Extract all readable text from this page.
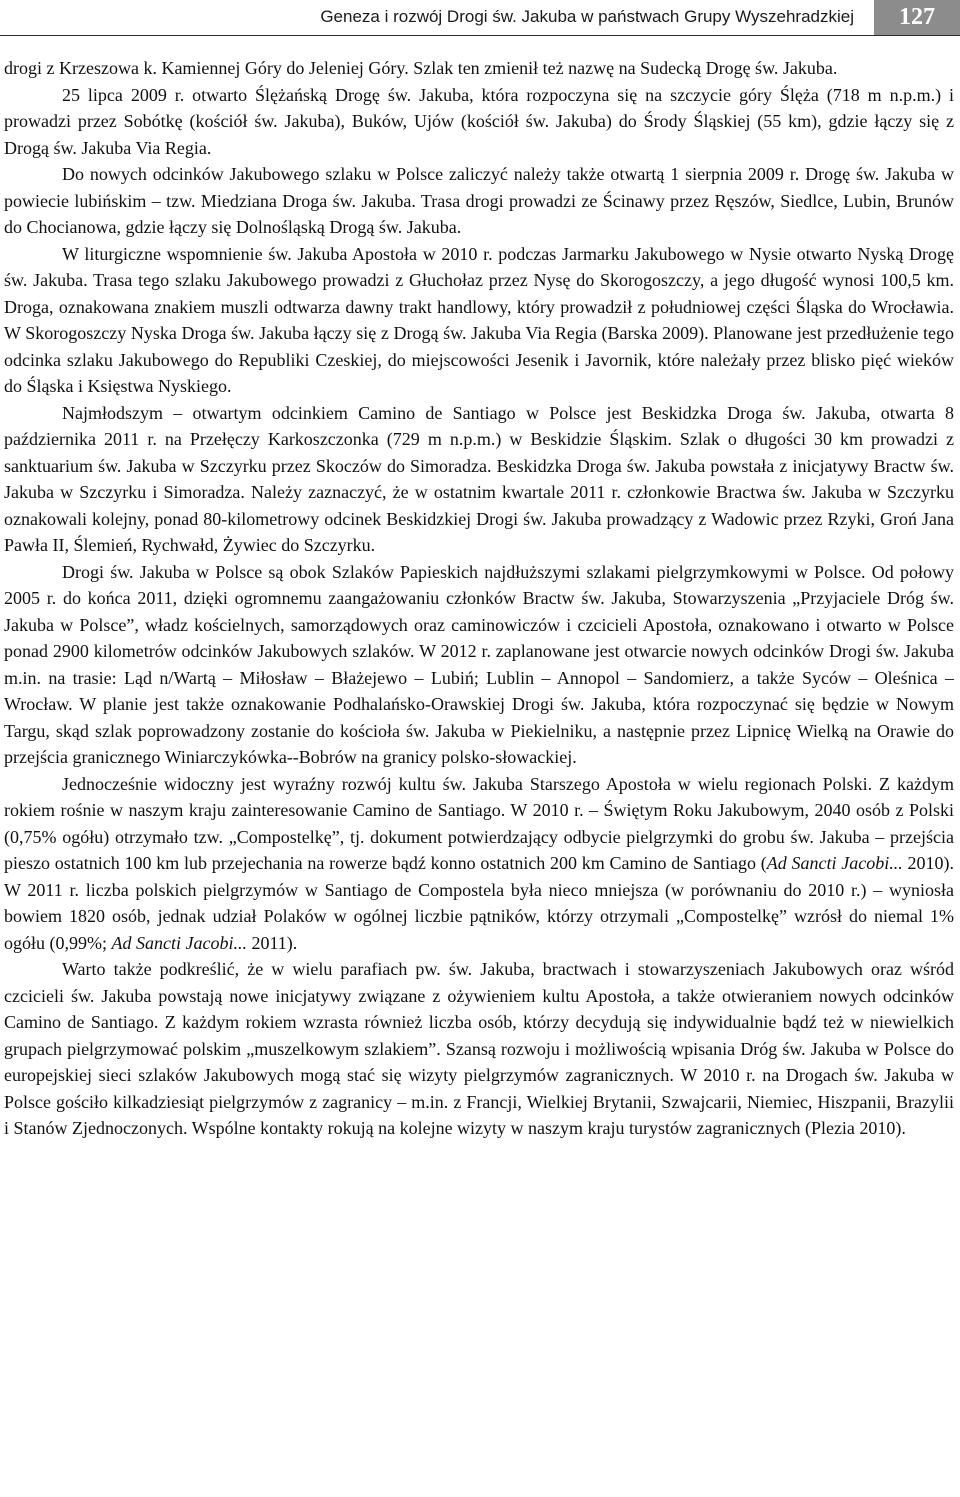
Geneza i rozwój Drogi św. Jakuba w państwach Grupy Wyszehradzkiej	127

drogi z Krzeszowa k. Kamiennej Góry do Jeleniej Góry. Szlak ten zmienił też nazwę na Sudecką Drogę św. Jakuba.

25 lipca 2009 r. otwarto Ślężańską Drogę św. Jakuba, która rozpoczyna się na szczycie góry Ślęża (718 m n.p.m.) i prowadzi przez Sobótkę (kościół św. Jakuba), Buków, Ujów (kościół św. Jakuba) do Środy Śląskiej (55 km), gdzie łączy się z Drogą św. Jakuba Via Regia.

Do nowych odcinków Jakubowego szlaku w Polsce zaliczyć należy także otwartą 1 sierpnia 2009 r. Drogę św. Jakuba w powiecie lubińskim – tzw. Miedziana Droga św. Jakuba. Trasa drogi prowadzi ze Ścinawy przez Ręszów, Siedlce, Lubin, Brunów do Chocianowa, gdzie łączy się Dolnośląską Drogą św. Jakuba.

W liturgiczne wspomnienie św. Jakuba Apostoła w 2010 r. podczas Jarmarku Jakubowego w Nysie otwarto Nyską Drogę św. Jakuba. Trasa tego szlaku Jakubowego prowadzi z Głuchołaz przez Nysę do Skorogoszczy, a jego długość wynosi 100,5 km. Droga, oznakowana znakiem muszli odtwarza dawny trakt handlowy, który prowadził z południowej części Śląska do Wrocławia. W Skorogoszczy Nyska Droga św. Jakuba łączy się z Drogą św. Jakuba Via Regia (Barska 2009). Planowane jest przedłużenie tego odcinka szlaku Jakubowego do Republiki Czeskiej, do miejscowości Jesenik i Javornik, które należały przez blisko pięć wieków do Śląska i Księstwa Nyskiego.

Najmłodszym – otwartym odcinkiem Camino de Santiago w Polsce jest Beskidzka Droga św. Jakuba, otwarta 8 października 2011 r. na Przełęczy Karkoszczonka (729 m n.p.m.) w Beskidzie Śląskim. Szlak o długości 30 km prowadzi z sanktuarium św. Jakuba w Szczyrku przez Skoczów do Simoradza. Beskidzka Droga św. Jakuba powstała z inicjatywy Bractw św. Jakuba w Szczyrku i Simoradza. Należy zaznaczyć, że w ostatnim kwartale 2011 r. członkowie Bractwa św. Jakuba w Szczyrku oznakowali kolejny, ponad 80-kilometrowy odcinek Beskidzkiej Drogi św. Jakuba prowadzący z Wadowic przez Rzyki, Groń Jana Pawła II, Ślemień, Rychwałd, Żywiec do Szczyrku.

Drogi św. Jakuba w Polsce są obok Szlaków Papieskich najdłuższymi szlakami pielgrzymkowymi w Polsce. Od połowy 2005 r. do końca 2011, dzięki ogromnemu zaangażowaniu członków Bractw św. Jakuba, Stowarzyszenia „Przyjaciele Dróg św. Jakuba w Polsce”, władz kościelnych, samorządowych oraz caminowiczów i czcicieli Apostoła, oznakowano i otwarto w Polsce ponad 2900 kilometrów odcinków Jakubowych szlaków. W 2012 r. zaplanowane jest otwarcie nowych odcinków Drogi św. Jakuba m.in. na trasie: Ląd n/Wartą – Miłosław – Błażejewo – Lubiń; Lublin – Annopol – Sandomierz, a także Syców – Oleśnica – Wrocław. W planie jest także oznakowanie Podhalańsko-Orawskiej Drogi św. Jakuba, która rozpoczynać się będzie w Nowym Targu, skąd szlak poprowadzony zostanie do kościoła św. Jakuba w Piekielniku, a następnie przez Lipnicę Wielką na Orawie do przejścia granicznego Winiarczykówka--Bobrów na granicy polsko-słowackiej.

Jednocześnie widoczny jest wyraźny rozwój kultu św. Jakuba Starszego Apostoła w wielu regionach Polski. Z każdym rokiem rośnie w naszym kraju zainteresowanie Camino de Santiago. W 2010 r. – Świętym Roku Jakubowym, 2040 osób z Polski (0,75% ogółu) otrzymało tzw. „Compostelkę”, tj. dokument potwierdzający odbycie pielgrzymki do grobu św. Jakuba – przejścia pieszo ostatnich 100 km lub przejechania na rowerze bądź konno ostatnich 200 km Camino de Santiago (Ad Sancti Jacobi... 2010). W 2011 r. liczba polskich pielgrzymów w Santiago de Compostela była nieco mniejsza (w porównaniu do 2010 r.) – wyniosła bowiem 1820 osób, jednak udział Polaków w ogólnej liczbie pątników, którzy otrzymali „Compostelkę” wzrósł do niemal 1% ogółu (0,99%; Ad Sancti Jacobi... 2011).

Warto także podkreślić, że w wielu parafiach pw. św. Jakuba, bractwach i stowarzyszeniach Jakubowych oraz wśród czcicieli św. Jakuba powstają nowe inicjatywy związane z ożywieniem kultu Apostoła, a także otwieraniem nowych odcinków Camino de Santiago. Z każdym rokiem wzrasta również liczba osób, którzy decydują się indywidualnie bądź też w niewielkich grupach pielgrzymować polskim „muszelkowym szlakiem”. Szansą rozwoju i możliwością wpisania Dróg św. Jakuba w Polsce do europejskiej sieci szlaków Jakubowych mogą stać się wizyty pielgrzymów zagranicznych. W 2010 r. na Drogach św. Jakuba w Polsce gościło kilkadziesiąt pielgrzymów z zagranicy – m.in. z Francji, Wielkiej Brytanii, Szwajcarii, Niemiec, Hiszpanii, Brazylii i Stanów Zjednoczonych. Wspólne kontakty rokują na kolejne wizyty w naszym kraju turystów zagranicznych (Plezia 2010).
